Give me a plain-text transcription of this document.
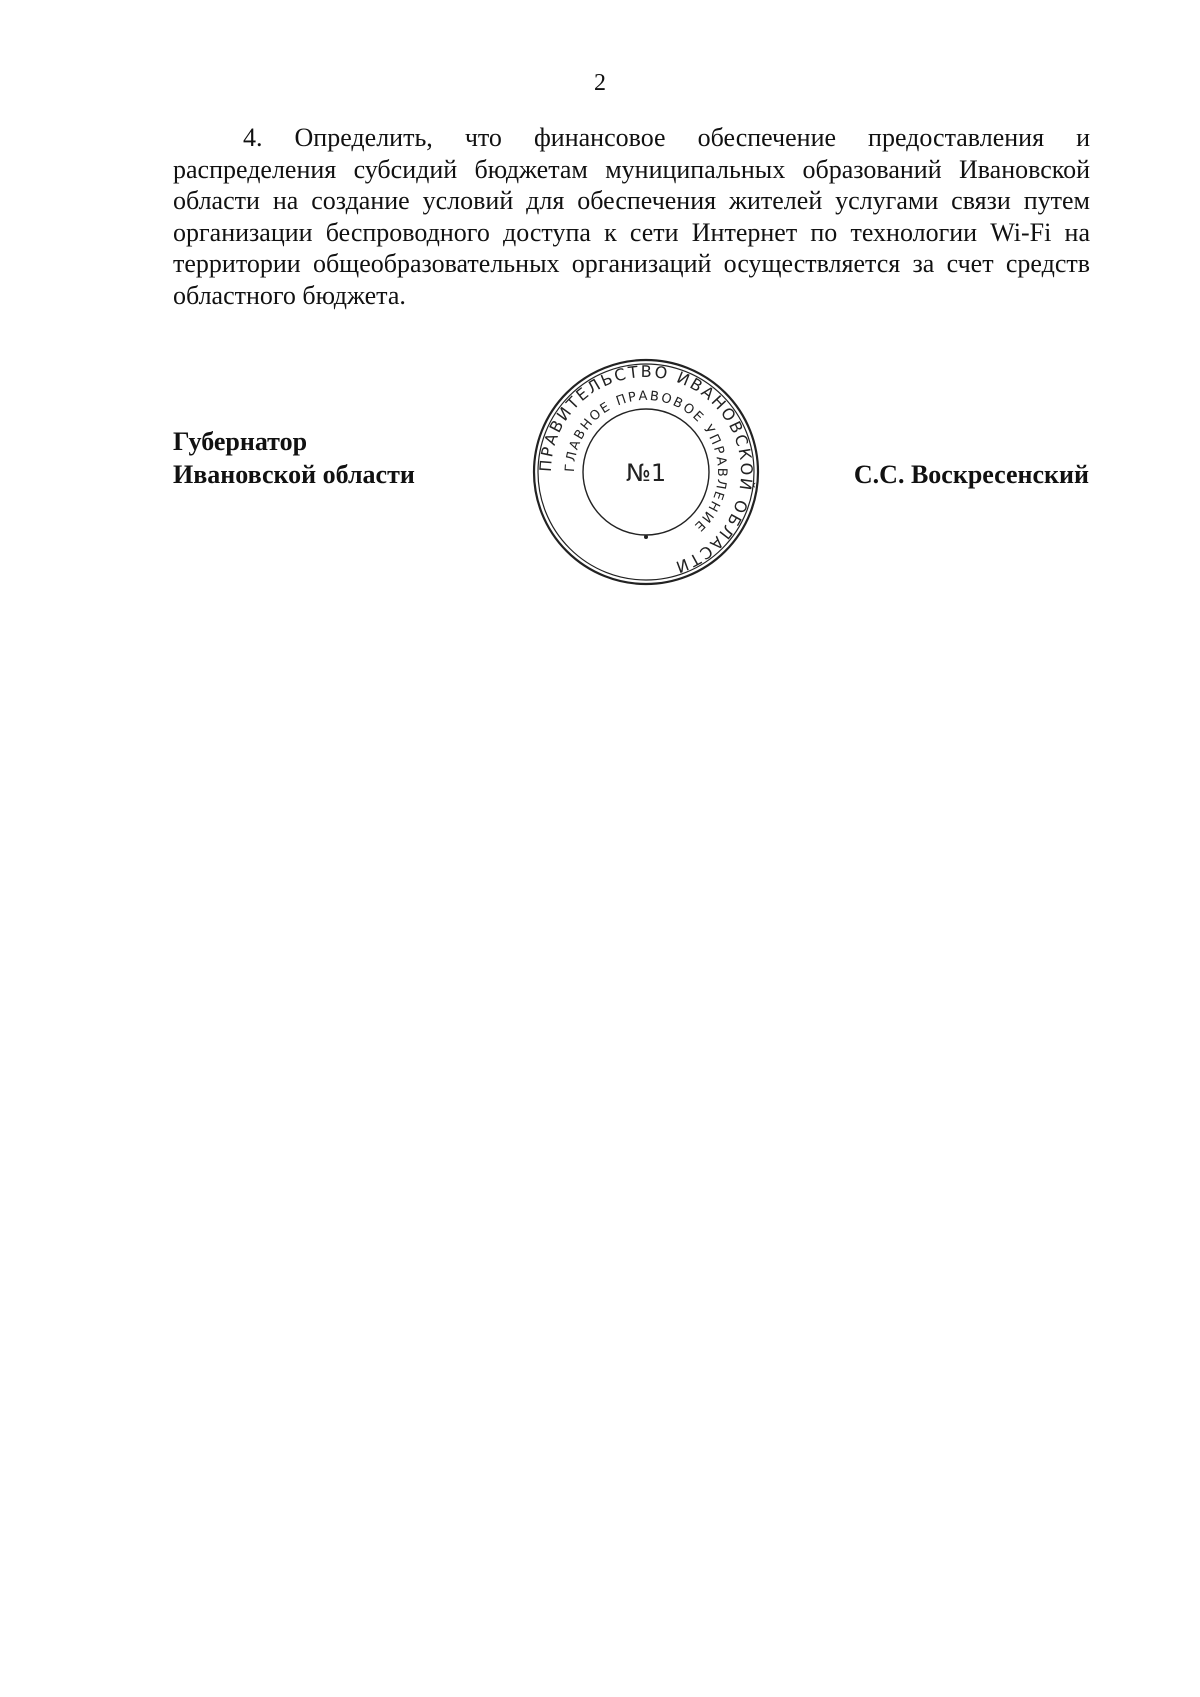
2

4. Определить, что финансовое обеспечение предоставления и распределения субсидий бюджетам муниципальных образований Ивановской области на создание условий для обеспечения жителей услугами связи путем организации беспроводного доступа к сети Интернет по технологии Wi-Fi на территории общеобразовательных организаций осуществляется за счет средств областного бюджета.

Губернатор
Ивановской области	ПРАВИТЕЛЬСТВО ИВАНОВСКОЙ ОБЛАСТИ
ГЛАВНОЕ ПРАВОВОЕ УПРАВЛЕНИЕ
№1	С.С. Воскресенский
